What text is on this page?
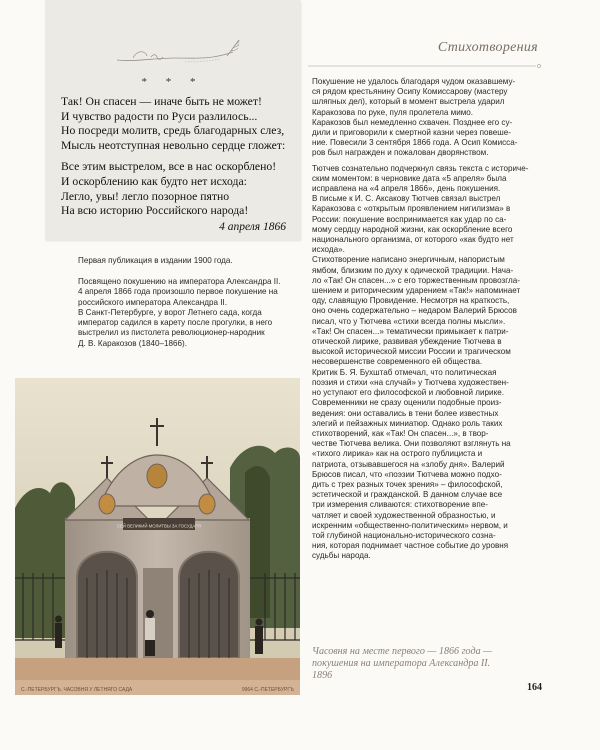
* * *
Так! Он спасен — иначе быть не может!
И чувство радости по Руси разлилось...
Но посреди молитв, средь благодарных слез,
Мысль неотступная невольно сердце гложет:
Все этим выстрелом, все в нас оскорблено!
И оскорблению как будто нет исхода:
Легло, увы! легло позорное пятно
На всю историю Российского народа!
4 апреля 1866
Стихотворения
Первая публикация в издании 1900 года.
Посвящено покушению на императора Александра II.
4 апреля 1866 года произошло первое покушение на
российского императора Александра II.
В Санкт-Петербурге, у ворот Летнего сада, когда
император садился в карету после прогулки, в него
выстрелил из пистолета революционер-народник
Д. В. Каракозов (1840–1866).
Покушение не удалось благодаря чудом оказавшему-
ся рядом крестьянину Осипу Комиссарову (мастеру
шляпных дел), который в момент выстрела ударил
Каракозова по руке, пуля пролетела мимо.
Каракозов был немедленно схвачен. Позднее его су-
дили и приговорили к смертной казни через повеше-
ние. Повесили 3 сентября 1866 года. А Осип Комиссa-
ров был награжден и пожалован дворянством.
Тютчев сознательно подчеркнул связь текста с историче-
ским моментом: в черновике дата «5 апреля» была
исправлена на «4 апреля 1866», день покушения.
В письме к И. С. Аксакову Тютчев связал выстрел
Каракозова с «открытым проявлением нигилизма» в
России: покушение воспринимается как удар по са-
мому сердцу народной жизни, как оскорбление всего
национального организма, от которого «как будто нет
исхода».
Стихотворение написано энергичным, напористым
ямбом, близким по духу к одической традиции. Нача-
ло «Так! Он спасен...» с его торжественным провозгла-
шением и риторическим ударением «Так!» напоминает
оду, славящую Провидение. Несмотря на краткость,
оно очень содержательно – недаром Валерий Брюсов
писал, что у Тютчева «стихи всегда полны мысли».
«Так! Он спасен...» тематически примыкает к патри-
отической лирике, развивая убеждение Тютчева в
высокой исторической миссии России и трагическом
несовершенстве современного ей общества.
Критик Б. Я. Бухштаб отмечал, что политическая
поэзия и стихи «на случай» у Тютчева художествен-
но уступают его философской и любовной лирике.
Современники не сразу оценили подобные произ-
ведения: они оставались в тени более известных
элегий и пейзажных миниатюр. Однако роль таких
стихотворений, как «Так! Он спасен...», в твор-
честве Тютчева велика. Они позволяют взглянуть на
«тихого лирика» как на острого публициста и
патриота, отзывавшегося на «злобу дня». Валерий
Брюсов писал, что «поэзии Тютчева можно подхо-
дить с трех разных точек зрения» – философской,
эстетической и гражданской. В данном случае все
три измерения сливаются: стихотворение впе-
чатляет и своей художественной образностью, и
искренним «общественно-политическим» нервом, и
той глубиной национально-исторического созна-
ния, которая поднимает частное событие до уровня
судьбы народа.
СЕЙ ВЕЛИКИЙ МОЛИТВЫ ЗА ГОСУДАРЯ
С.-ПЕТЕРБУРГЪ. ЧАСОВНЯ У ЛЕТНЯГО САДА	9964 С.-ПЕТЕРБУРГЪ
Часовня на месте первого — 1866 года —
покушения на императора Александра II.
1896
164
